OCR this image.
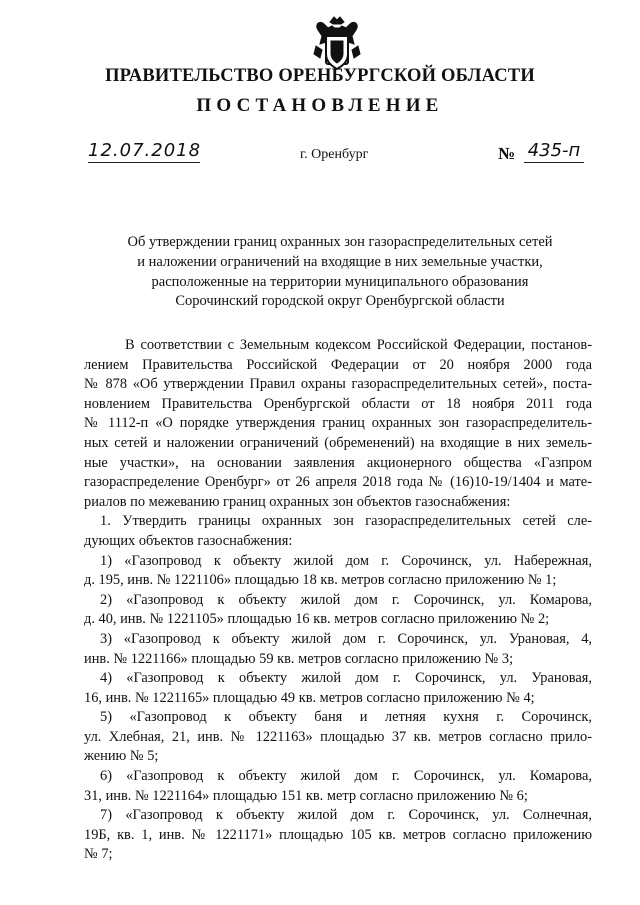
ПРАВИТЕЛЬСТВО ОРЕНБУРГСКОЙ ОБЛАСТИ
ПОСТАНОВЛЕНИЕ
12.07.2018	г. Оренбург	№ 435-п
Об утверждении границ охранных зон газораспределительных сетей
и наложении ограничений на входящие в них земельные участки,
расположенные на территории муниципального образования
Сорочинский городской округ Оренбургской области

В соответствии с Земельным кодексом Российской Федерации, постанов-

лением Правительства Российской Федерации от 20 ноября 2000 года

№ 878 «Об утверждении Правил охраны газораспределительных сетей», поста-

новлением Правительства Оренбургской области от 18 ноября 2011 года

№ 1112-п «О порядке утверждения границ охранных зон газораспределитель-

ных сетей и наложении ограничений (обременений) на входящие в них земель-

ные участки», на основании заявления акционерного общества «Газпром

газораспределение Оренбург» от 26 апреля 2018 года № (16)10-19/1404 и мате-

риалов по межеванию границ охранных зон объектов газоснабжения:

1. Утвердить границы охранных зон газораспределительных сетей сле-

дующих объектов газоснабжения:

1) «Газопровод к объекту жилой дом г. Сорочинск, ул. Набережная,

д. 195, инв. № 1221106» площадью 18 кв. метров согласно приложению № 1;

2) «Газопровод к объекту жилой дом г. Сорочинск, ул. Комарова,

д. 40, инв. № 1221105» площадью 16 кв. метров согласно приложению № 2;

3) «Газопровод к объекту жилой дом г. Сорочинск, ул. Урановая, 4,

инв. № 1221166» площадью 59 кв. метров согласно приложению № 3;

4) «Газопровод к объекту жилой дом г. Сорочинск, ул. Урановая,

16, инв. № 1221165» площадью 49 кв. метров согласно приложению № 4;

5) «Газопровод к объекту баня и летняя кухня г. Сорочинск,

ул. Хлебная, 21, инв. № 1221163» площадью 37 кв. метров согласно прило-

жению № 5;

6) «Газопровод к объекту жилой дом г. Сорочинск, ул. Комарова,

31, инв. № 1221164» площадью 151 кв. метр согласно приложению № 6;

7) «Газопровод к объекту жилой дом г. Сорочинск, ул. Солнечная,

19Б, кв. 1, инв. № 1221171» площадью 105 кв. метров согласно приложению

№ 7;
